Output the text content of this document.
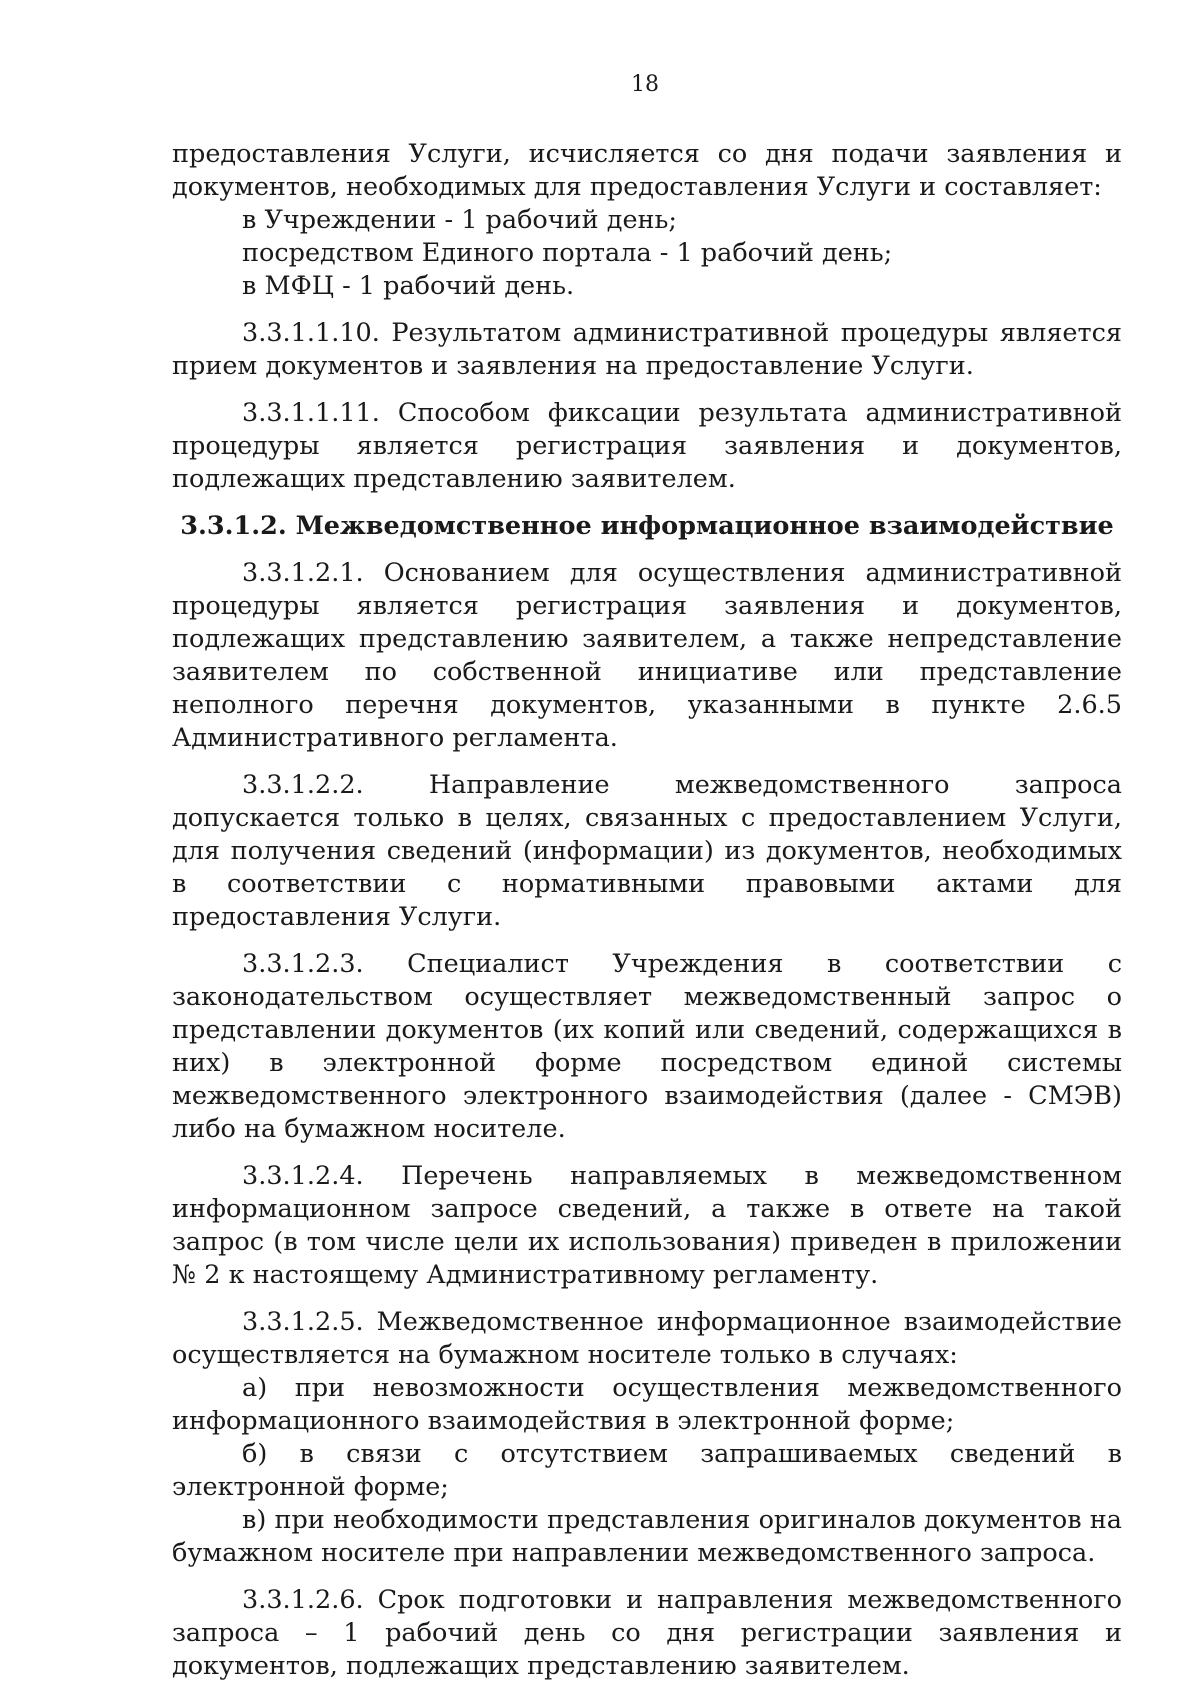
18

предоставления Услуги, исчисляется со дня подачи заявления и документов, необходимых для предоставления Услуги и составляет:

в Учреждении - 1 рабочий день;

посредством Единого портала - 1 рабочий день;

в МФЦ - 1 рабочий день.

3.3.1.1.10. Результатом административной процедуры является прием документов и заявления на предоставление Услуги.

3.3.1.1.11. Способом фиксации результата административной процедуры является регистрация заявления и документов, подлежащих представлению заявителем.

3.3.1.2. Межведомственное информационное взаимодействие

3.3.1.2.1. Основанием для осуществления административной процедуры является регистрация заявления и документов, подлежащих представлению заявителем, а также непредставление заявителем по собственной инициативе или представление неполного перечня документов, указанными в пункте 2.6.5 Административного регламента.

3.3.1.2.2. Направление межведомственного запроса допускается только в целях, связанных с предоставлением Услуги, для получения сведений (информации) из документов, необходимых в соответствии с нормативными правовыми актами для предоставления Услуги.

3.3.1.2.3. Специалист Учреждения в соответствии с законодательством осуществляет межведомственный запрос о представлении документов (их копий или сведений, содержащихся в них) в электронной форме посредством единой системы межведомственного электронного взаимодействия (далее - СМЭВ) либо на бумажном носителе.

3.3.1.2.4. Перечень направляемых в межведомственном информационном запросе сведений, а также в ответе на такой запрос (в том числе цели их использования) приведен в приложении № 2 к настоящему Административному регламенту.

3.3.1.2.5. Межведомственное информационное взаимодействие осуществляется на бумажном носителе только в случаях:

а) при невозможности осуществления межведомственного информационного взаимодействия в электронной форме;

б) в связи с отсутствием запрашиваемых сведений в электронной форме;

в) при необходимости представления оригиналов документов на бумажном носителе при направлении межведомственного запроса.

3.3.1.2.6. Срок подготовки и направления межведомственного запроса – 1 рабочий день со дня регистрации заявления и документов, подлежащих представлению заявителем.
